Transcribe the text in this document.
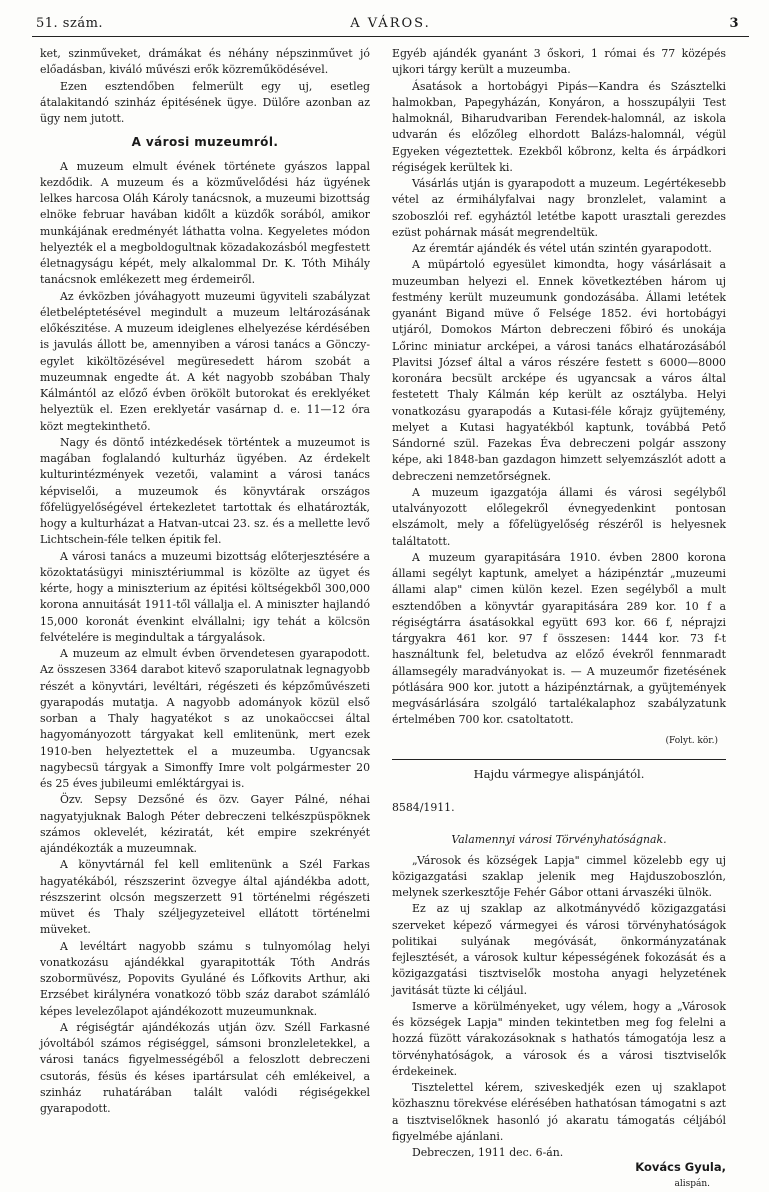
51. szám.	A VÁROS.	3

ket, szinműveket, drámákat és néhány népszinművet jó előadásban, kiváló művészi erők közreműködésével.

Ezen esztendőben felmerült egy uj, esetleg átalakitandó szinház épitésének ügye. Dülőre azonban az ügy nem jutott.

A városi muzeumról.

A muzeum elmult évének története gyászos lappal kezdődik. A muzeum és a közművelődési ház ügyének lelkes harcosa Oláh Károly tanácsnok, a muzeumi bizottság elnöke februar havában kidőlt a küzdők sorából, amikor munkájának eredményét láthatta volna. Kegyeletes módon helyezték el a megboldogultnak közadakozásból megfestett életnagyságu képét, mely alkalommal Dr. K. Tóth Mihály tanácsnok emlékezett meg érdemeiről.

Az évközben jóváhagyott muzeumi ügyviteli szabályzat életbeléptetésével megindult a muzeum leltározásának előkészitése. A muzeum ideiglenes elhelyezése kérdésében is javulás állott be, amennyiben a városi tanács a Gönczy-egylet kiköltözésével megüresedett három szobát a muzeumnak engedte át. A két nagyobb szobában Thaly Kálmántól az előző évben örökölt butorokat és ereklyéket helyeztük el. Ezen ereklyetár vasárnap d. e. 11—12 óra közt megtekinthető.

Nagy és döntő intézkedések történtek a muzeumot is magában foglalandó kulturház ügyében. Az érdekelt kulturintézmények vezetői, valamint a városi tanács képviselői, a muzeumok és könyvtárak országos főfelügyelőségével értekezletet tartottak és elhatározták, hogy a kulturházat a Hatvan-utcai 23. sz. és a mellette levő Lichtschein-féle telken épitik fel.

A városi tanács a muzeumi bizottság előterjesztésére a közoktatásügyi minisztériummal is közölte az ügyet és kérte, hogy a miniszterium az épitési költségekből 300,000 korona annuitását 1911-től vállalja el. A miniszter hajlandó 15,000 koronát évenkint elvállalni; igy tehát a kölcsön felvételére is megindultak a tárgyalások.

A muzeum az elmult évben örvendetesen gyarapodott. Az összesen 3364 darabot kitevő szaporulatnak legnagyobb részét a könyvtári, levéltári, régészeti és képzőművészeti gyarapodás mutatja. A nagyobb adományok közül első sorban a Thaly hagyatékot s az unokaöccsei által hagyományozott tárgyakat kell emlitenünk, mert ezek 1910-ben helyeztettek el a muzeumba. Ugyancsak nagybecsü tárgyak a Simonffy Imre volt polgármester 20 és 25 éves jubileumi emléktárgyai is.

Özv. Sepsy Dezsőné és özv. Gayer Pálné, néhai nagyatyjuknak Balogh Péter debreczeni telkészpüspöknek számos oklevelét, kéziratát, két empire szekrényét ajándékozták a muzeumnak.

A könyvtárnál fel kell emlitenünk a Szél Farkas hagyatékából, részszerint özvegye által ajándékba adott, részszerint olcsón megszerzett 91 történelmi régészeti müvet és Thaly széljegyzeteivel ellátott történelmi müveket.

A levéltárt nagyobb számu s tulnyomólag helyi vonatkozásu ajándékkal gyarapitották Tóth András szobormüvész, Popovits Gyuláné és Lőfkovits Arthur, aki Erzsébet királynéra vonatkozó több száz darabot számláló képes levelezőlapot ajándékozott muzeumunknak.

A régiségtár ajándékozás utján özv. Széll Farkasné jóvoltából számos régiséggel, sámsoni bronzleletekkel, a városi tanács figyelmességéből a feloszlott debreczeni csutorás, fésüs és késes ipartársulat céh emlékeivel, a szinház ruhatárában talált valódi régiségekkel gyarapodott.

Egyéb ajándék gyanánt 3 őskori, 1 római és 77 középés ujkori tárgy került a muzeumba.

Ásatások a hortobágyi Pipás—Kandra és Szásztelki halmokban, Papegyházán, Konyáron, a hosszupályii Test halmoknál, Biharudvariban Ferendek-halomnál, az iskola udvarán és előzőleg elhordott Balázs-halomnál, végül Egyeken végeztettek. Ezekből kőbronz, kelta és árpádkori régiségek kerültek ki.

Vásárlás utján is gyarapodott a muzeum. Legértékesebb vétel az érmihályfalvai nagy bronzlelet, valamint a szoboszlói ref. egyháztól letétbe kapott urasztali gerezdes ezüst pohárnak mását megrendeltük.

Az éremtár ajándék és vétel után szintén gyarapodott.

A müpártoló egyesület kimondta, hogy vásárlásait a muzeumban helyezi el. Ennek következtében három uj festmény került muzeumunk gondozásába. Állami letétek gyanánt Bigand müve ő Felsége 1852. évi hortobágyi utjáról, Domokos Márton debreczeni főbiró és unokája Lőrinc miniatur arcképei, a városi tanács elhatározásából Plavitsi József által a város részére festett s 6000—8000 koronára becsült arcképe és ugyancsak a város által festetett Thaly Kálmán kép került az osztályba. Helyi vonatkozásu gyarapodás a Kutasi-féle kőrajz gyüjtemény, melyet a Kutasi hagyatékból kaptunk, továbbá Pető Sándorné szül. Fazekas Éva debreczeni polgár asszony képe, aki 1848-ban gazdagon himzett selyemzászlót adott a debreczeni nemzetőrségnek.

A muzeum igazgatója állami és városi segélyből utalványozott előlegekről évnegyedenkint pontosan elszámolt, mely a főfelügyelőség részéről is helyesnek találtatott.

A muzeum gyarapitására 1910. évben 2800 korona állami segélyt kaptunk, amelyet a házipénztár „muzeumi állami alap" cimen külön kezel. Ezen segélyből a mult esztendőben a könyvtár gyarapitására 289 kor. 10 f a régiségtárra ásatásokkal együtt 693 kor. 66 f, néprajzi tárgyakra 461 kor. 97 f összesen: 1444 kor. 73 f-t használtunk fel, beletudva az előző évekről fennmaradt államsegély maradványokat is. — A muzeumőr fizetésének pótlására 900 kor. jutott a házipénztárnak, a gyüjtemények megvásárlására szolgáló tartalékalaphoz szabályzatunk értelmében 700 kor. csatoltatott.

(Folyt. kör.)
Hajdu vármegye alispánjától.
8584/1911.
Valamennyi városi Törvényhatóságnak.

„Városok és községek Lapja" cimmel közelebb egy uj közigazgatási szaklap jelenik meg Hajduszoboszlón, melynek szerkesztője Fehér Gábor ottani árvaszéki ülnök.

Ez az uj szaklap az alkotmányvédő közigazgatási szerveket képező vármegyei és városi törvényhatóságok politikai sulyának megóvását, önkormányzatának fejlesztését, a városok kultur képességének fokozását és a közigazgatási tisztviselők mostoha anyagi helyzetének javitását tüzte ki céljául.

Ismerve a körülményeket, ugy vélem, hogy a „Városok és községek Lapja" minden tekintetben meg fog felelni a hozzá füzött várakozásoknak s hathatós támogatója lesz a törvényhatóságok, a városok és a városi tisztviselők érdekeinek.

Tisztelettel kérem, sziveskedjék ezen uj szaklapot közhasznu törekvése elérésében hathatósan támogatni s azt a tisztviselőknek hasonló jó akaratu támogatás céljából figyelmébe ajánlani.

Debreczen, 1911 dec. 6-án.

Kovács Gyula,
alispán.
